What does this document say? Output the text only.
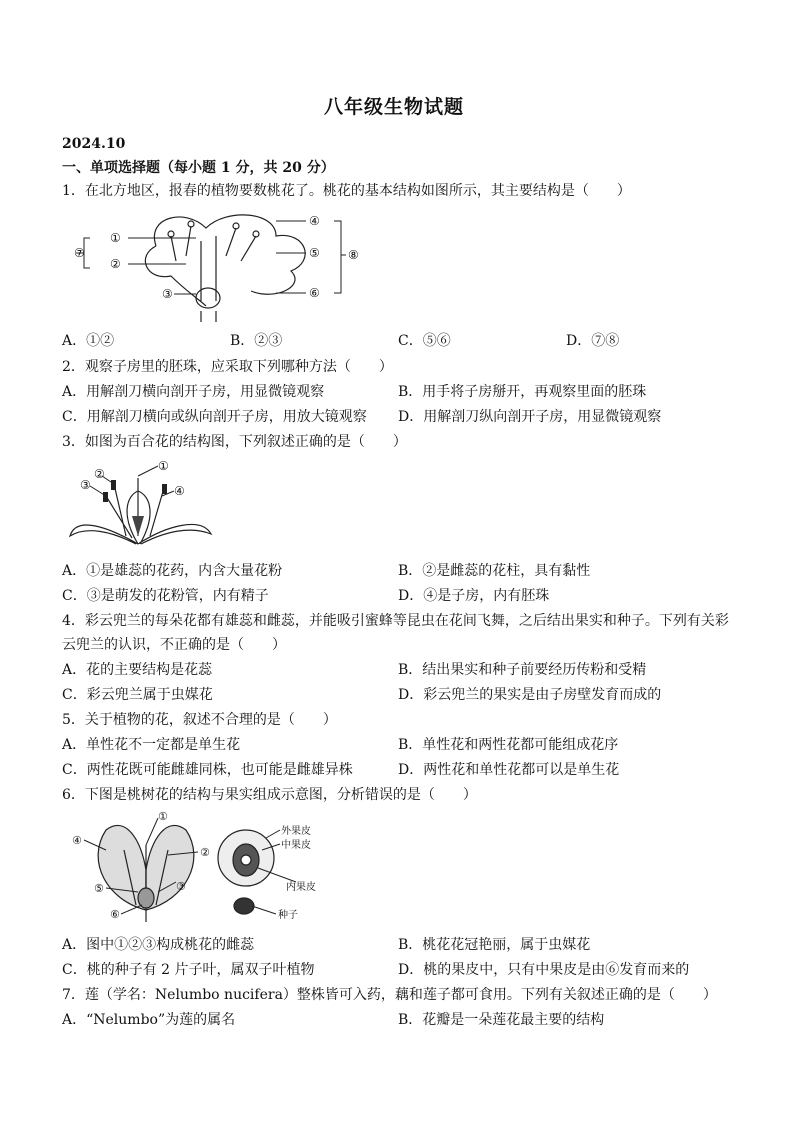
八年级生物试题
2024.10
一、单项选择题（每小题 1 分，共 20 分）
1．在北方地区，报春的植物要数桃花了。桃花的基本结构如图所示，其主要结构是（　　）
①
②
③
④
⑤
⑥
⑦	⑧
A．①②	B．②③	C．⑤⑥	D．⑦⑧
2．观察子房里的胚珠，应采取下列哪种方法（　　）
A．用解剖刀横向剖开子房，用显微镜观察	B．用手将子房掰开，再观察里面的胚珠
C．用解剖刀横向或纵向剖开子房，用放大镜观察 D．用解剖刀纵向剖开子房，用显微镜观察
3．如图为百合花的结构图，下列叙述正确的是（　　）
①
②
③	④
A．①是雄蕊的花药，内含大量花粉	B．②是雌蕊的花柱，具有黏性
C．③是萌发的花粉管，内有精子	D．④是子房，内有胚珠
4．彩云兜兰的每朵花都有雄蕊和雌蕊，并能吸引蜜蜂等昆虫在花间飞舞，之后结出果实和种子。下列有关彩
云兜兰的认识，不正确的是（　　）
A．花的主要结构是花蕊	B．结出果实和种子前要经历传粉和受精
C．彩云兜兰属于虫媒花	D．彩云兜兰的果实是由子房壁发育而成的
5．关于植物的花，叙述不合理的是（　　）
A．单性花不一定都是单生花	B．单性花和两性花都可能组成花序
C．两性花既可能雌雄同株，也可能是雌雄异株	D．两性花和单性花都可以是单生花
6．下图是桃树花的结构与果实组成示意图，分析错误的是（　　）
①
②
③
④
⑤
⑥
外果皮
中果皮
内果皮
种子
A．图中①②③构成桃花的雌蕊	B．桃花花冠艳丽，属于虫媒花
C．桃的种子有 2 片子叶，属双子叶植物	D．桃的果皮中，只有中果皮是由⑥发育而来的
7．莲（学名：Nelumbo nucifera）整株皆可入药，藕和莲子都可食用。下列有关叙述正确的是（　　）
A．“Nelumbo”为莲的属名	B．花瓣是一朵莲花最主要的结构
